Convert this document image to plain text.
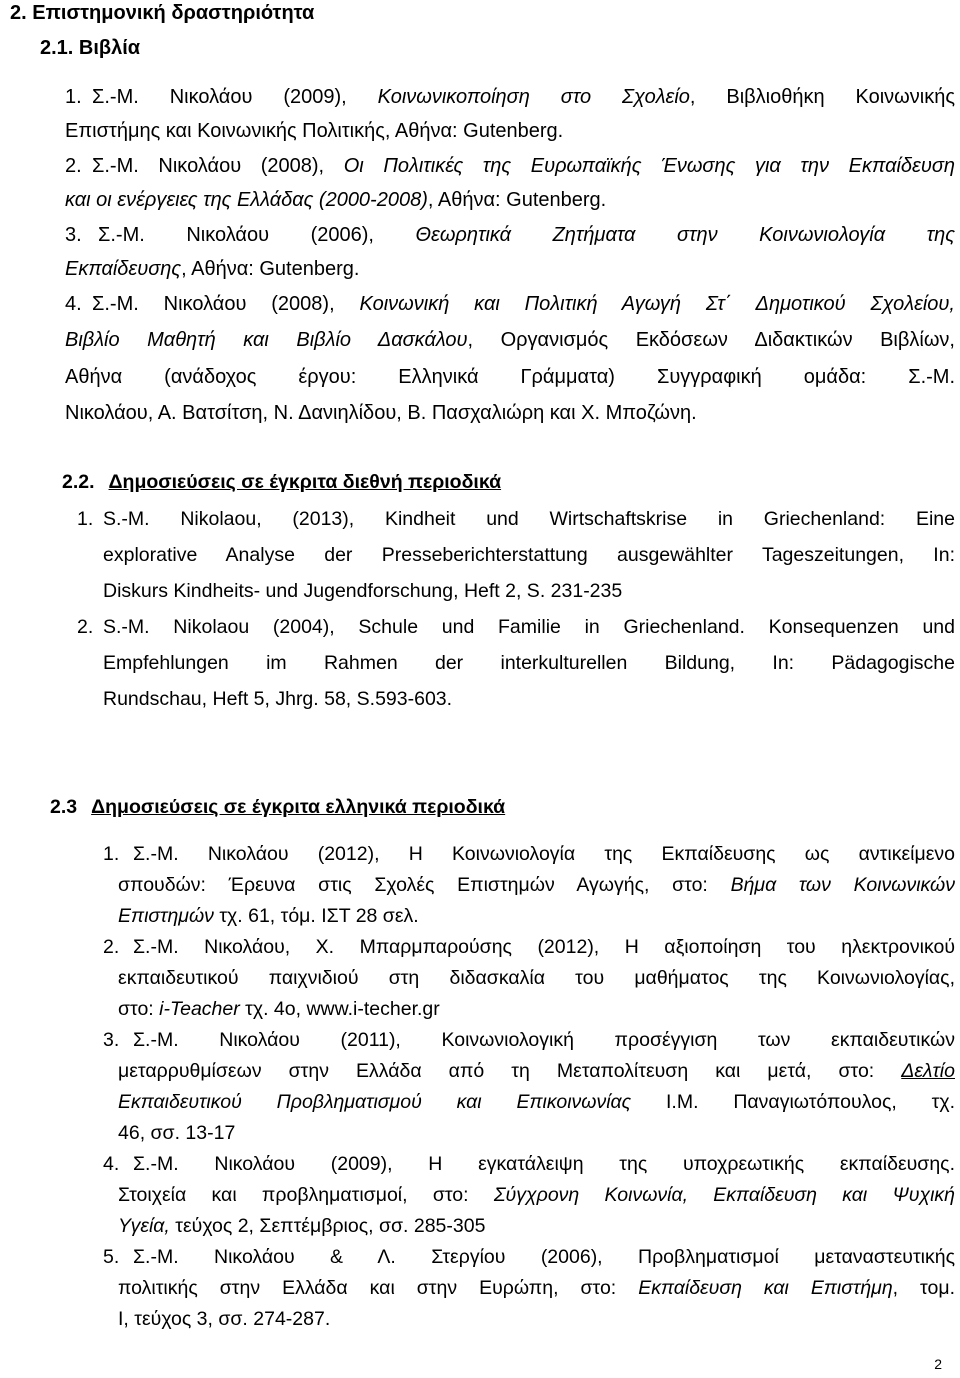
2. Επιστημονική δραστηριότητα
2.1. Βιβλία
1. Σ.-Μ. Νικολάου (2009), Κοινωνικοποίηση στο Σχολείο, Βιβλιοθήκη Κοινωνικής
Επιστήμης και Κοινωνικής Πολιτικής, Αθήνα: Gutenberg.
2. Σ.-Μ. Νικολάου (2008), Οι Πολιτικές της Ευρωπαϊκής Ένωσης για την Εκπαίδευση
και οι ενέργειες της Ελλάδας (2000-2008), Αθήνα: Gutenberg.
3. Σ.-Μ. Νικολάου (2006), Θεωρητικά Ζητήματα στην Κοινωνιολογία της
Εκπαίδευσης, Αθήνα: Gutenberg.
4. Σ.-Μ. Νικολάου (2008), Κοινωνική και Πολιτική Αγωγή Στ΄ Δημοτικού Σχολείου,
Βιβλίο Μαθητή και Βιβλίο Δασκάλου, Οργανισμός Εκδόσεων Διδακτικών Βιβλίων,
Αθήνα (ανάδοχος έργου: Ελληνικά Γράμματα) Συγγραφική ομάδα: Σ.-Μ.
Νικολάου, Α. Βατσίτση, Ν. Δανιηλίδου, Β. Πασχαλιώρη και Χ. Μποζώνη.
2.2. Δημοσιεύσεις σε έγκριτα διεθνή περιοδικά
1. S.-M. Nikolaou, (2013), Kindheit und Wirtschaftskrise in Griechenland: Eine
explorative Analyse der Presseberichterstattung ausgewählter Tageszeitungen, In:
Diskurs Kindheits- und Jugendforschung, Heft 2, S. 231-235
2. S.-M. Nikolaou (2004), Schule und Familie in Griechenland. Konsequenzen und
Empfehlungen im Rahmen der interkulturellen Bildung, In: Pädagogische
Rundschau, Heft 5, Jhrg. 58, S.593-603.
2.3 Δημοσιεύσεις σε έγκριτα ελληνικά περιοδικά
1. Σ.-Μ. Νικολάου (2012), Η Κοινωνιολογία της Εκπαίδευσης ως αντικείμενο
σπουδών: Έρευνα στις Σχολές Επιστημών Αγωγής, στο: Βήμα των Κοινωνικών
Επιστημών τχ. 61, τόμ. ΙΣΤ 28 σελ.
2. Σ.-Μ. Νικολάου, Χ. Μπαρμπαρούσης (2012), Η αξιοποίηση του ηλεκτρονικού
εκπαιδευτικού παιχνιδιού στη διδασκαλία του μαθήματος της Κοινωνιολογίας,
στο: i-Teacher τχ. 4ο, www.i-techer.gr
3. Σ.-Μ. Νικολάου (2011), Κοινωνιολογική προσέγγιση των εκπαιδευτικών
μεταρρυθμίσεων στην Ελλάδα από τη Μεταπολίτευση και μετά, στο: Δελτίο
Εκπαιδευτικού Προβληματισμού και Επικοινωνίας Ι.Μ. Παναγιωτόπουλος, τχ.
46, σσ. 13-17
4. Σ.-Μ. Νικολάου (2009), Η εγκατάλειψη της υποχρεωτικής εκπαίδευσης.
Στοιχεία και προβληματισμοί, στο: Σύγχρονη Κοινωνία, Εκπαίδευση και Ψυχική
Υγεία, τεύχος 2, Σεπτέμβριος, σσ. 285-305
5. Σ.-Μ. Νικολάου & Λ. Στεργίου (2006), Προβληματισμοί μεταναστευτικής
πολιτικής στην Ελλάδα και στην Ευρώπη, στο: Εκπαίδευση και Επιστήμη, τομ.
Ι, τεύχος 3, σσ. 274-287.
2
